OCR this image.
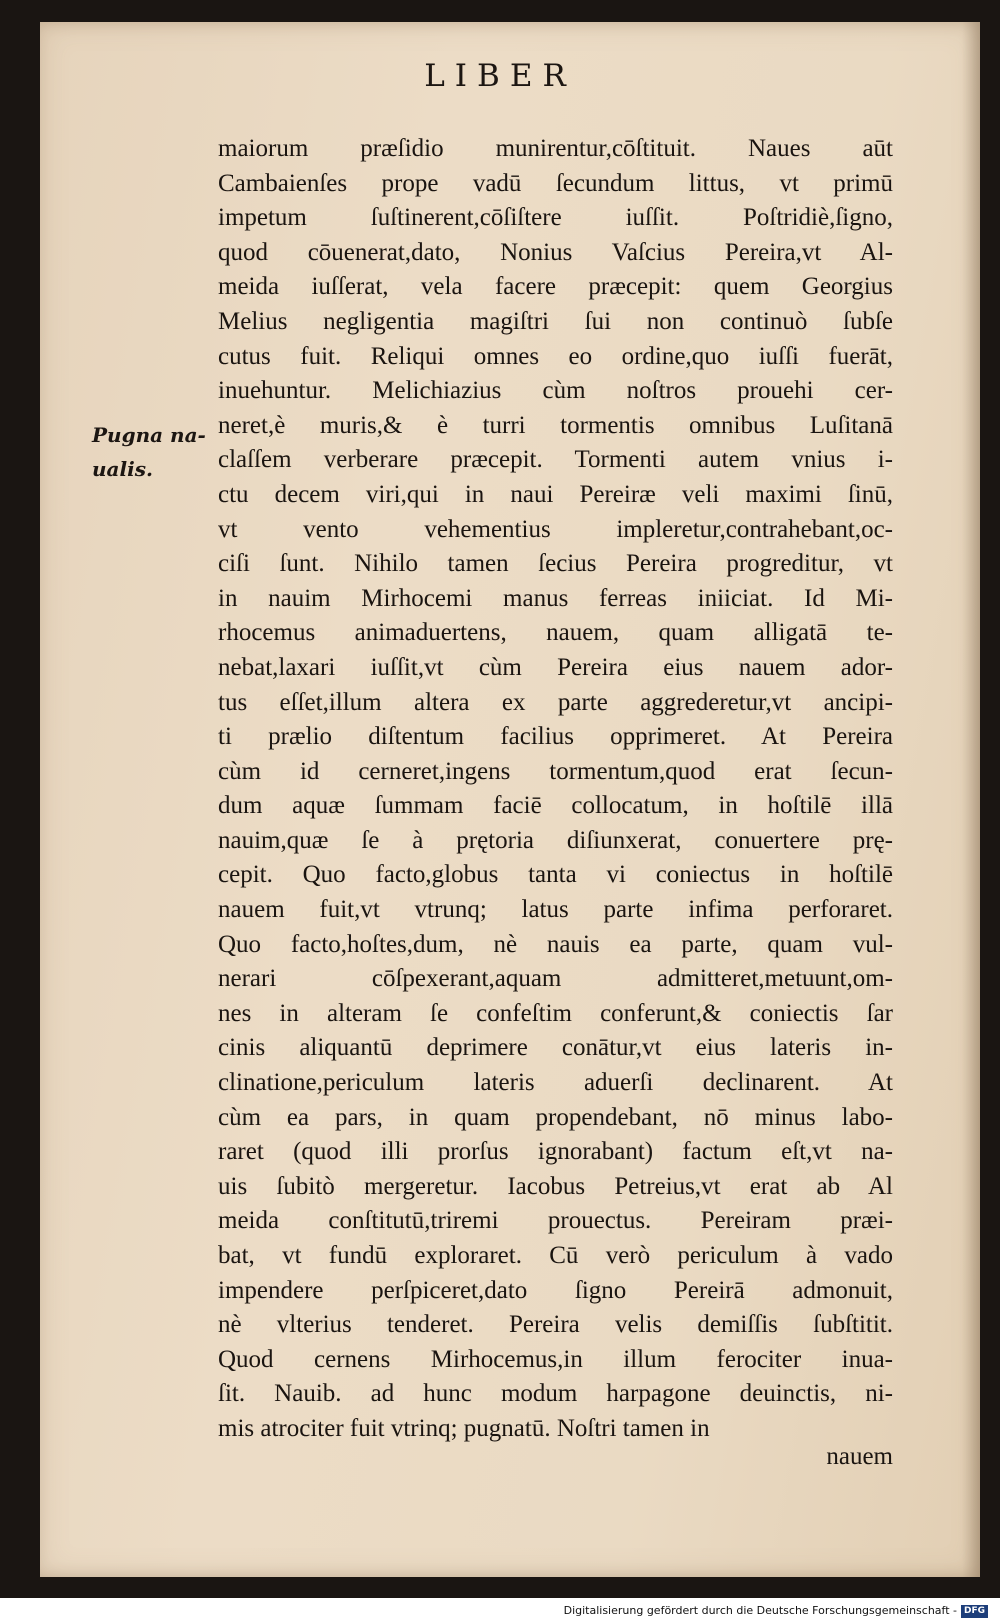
LIBER
Pugna na-
ualis.
maiorum præſidio munirentur,cōſtituit. Naues aūt
Cambaienſes prope vadū ſecundum littus, vt primū
impetum ſuſtinerent,cōſiſtere iuſſit. Poſtridiè,ſigno,
quod cōuenerat,dato, Nonius Vaſcius Pereira,vt Al-
meida iuſſerat, vela facere præcepit: quem Georgius
Melius negligentia magiſtri ſui non continuò ſubſe
cutus fuit. Reliqui omnes eo ordine,quo iuſſi fuerāt,
inuehuntur. Melichiazius cùm noſtros prouehi cer-
neret,è muris,& è turri tormentis omnibus Luſitanā
claſſem verberare præcepit. Tormenti autem vnius i-
ctu decem viri,qui in naui Pereiræ veli maximi ſinū,
vt vento vehementius impleretur,contrahebant,oc-
ciſi ſunt. Nihilo tamen ſecius Pereira progreditur, vt
in nauim Mirhocemi manus ferreas iniiciat. Id Mi-
rhocemus animaduertens, nauem, quam alligatā te-
nebat,laxari iuſſit,vt cùm Pereira eius nauem ador-
tus eſſet,illum altera ex parte aggrederetur,vt ancipi-
ti prælio diſtentum facilius opprimeret. At Pereira
cùm id cerneret,ingens tormentum,quod erat ſecun-
dum aquæ ſummam faciē collocatum, in hoſtilē illā
nauim,quæ ſe à prętoria diſiunxerat, conuertere prę-
cepit. Quo facto,globus tanta vi coniectus in hoſtilē
nauem fuit,vt vtrunq; latus parte infima perforaret.
Quo facto,hoſtes,dum, nè nauis ea parte, quam vul-
nerari cōſpexerant,aquam admitteret,metuunt,om-
nes in alteram ſe confeſtim conferunt,& coniectis ſar
cinis aliquantū deprimere conātur,vt eius lateris in-
clinatione,periculum lateris aduerſi declinarent. At
cùm ea pars, in quam propendebant, nō minus labo-
raret (quod illi prorſus ignorabant) factum eſt,vt na-
uis ſubitò mergeretur. Iacobus Petreius,vt erat ab Al
meida conſtitutū,triremi prouectus. Pereiram præi-
bat, vt fundū exploraret. Cū verò periculum à vado
impendere perſpiceret,dato ſigno Pereirā admonuit,
nè vlterius tenderet. Pereira velis demiſſis ſubſtitit.
Quod cernens Mirhocemus,in illum ferociter inua-
ſit. Nauib. ad hunc modum harpagone deuinctis, ni-
mis atrociter fuit vtrinq; pugnatū. Noſtri tamen in
nauem
Digitalisierung gefördert durch die Deutsche Forschungsgemeinschaft - DFG
